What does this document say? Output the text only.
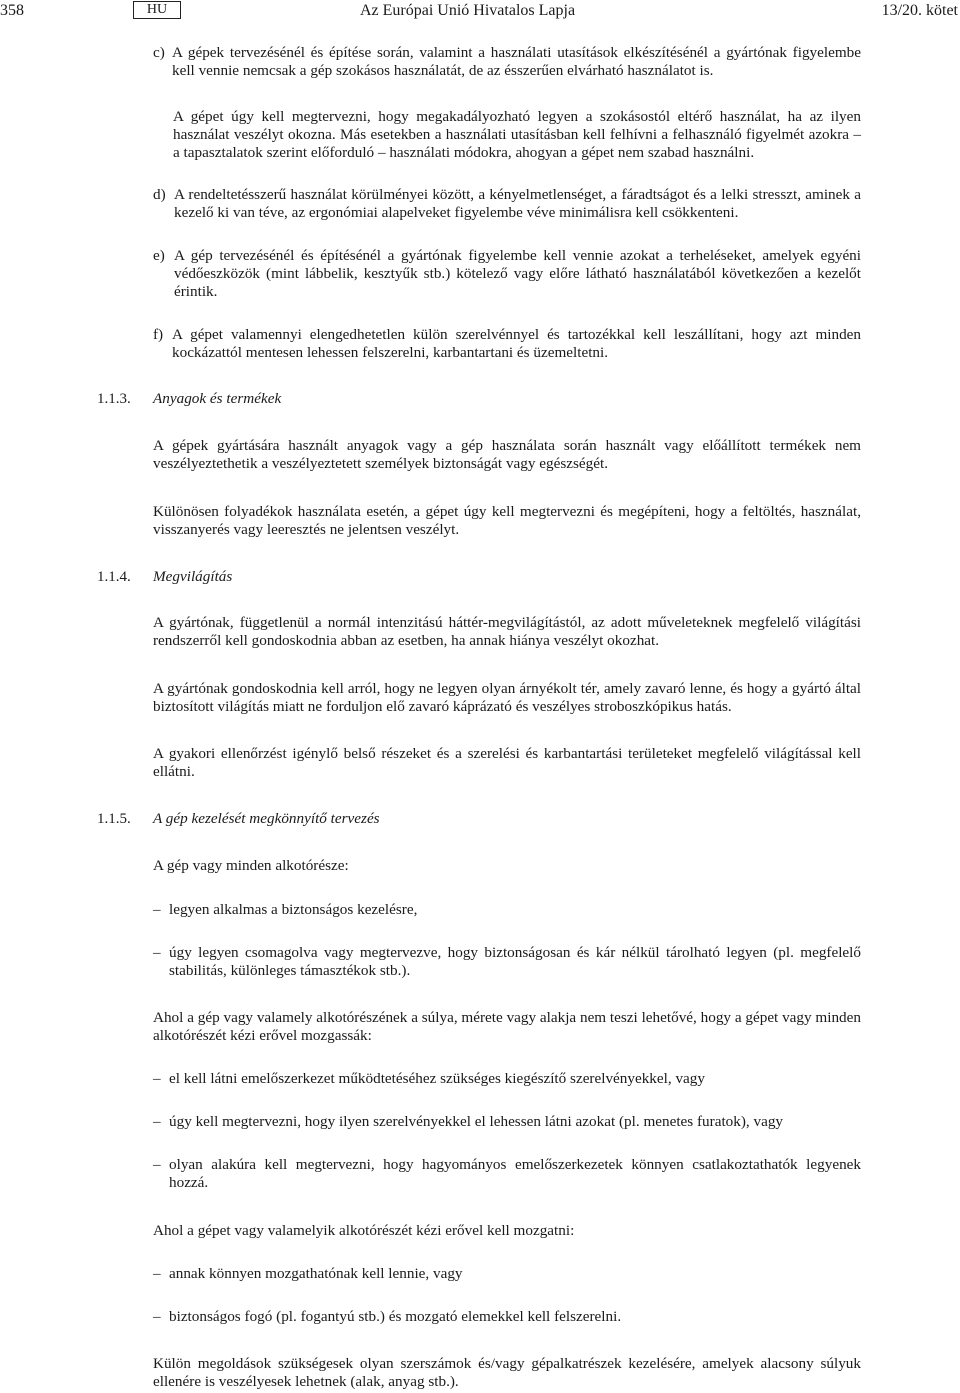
358	HU	Az Európai Unió Hivatalos Lapja	13/20. kötet
c) A gépek tervezésénél és építése során, valamint a használati utasítások elkészítésénél a gyártónak figyelembe kell vennie nemcsak a gép szokásos használatát, de az ésszerűen elvárható használatot is.
A gépet úgy kell megtervezni, hogy megakadályozható legyen a szokásostól eltérő használat, ha az ilyen használat veszélyt okozna. Más esetekben a használati utasításban kell felhívni a felhasználó figyelmét azokra – a tapasztalatok szerint előforduló – használati módokra, ahogyan a gépet nem szabad használni.
d) A rendeltetésszerű használat körülményei között, a kényelmetlenséget, a fáradtságot és a lelki stresszt, aminek a kezelő ki van téve, az ergonómiai alapelveket figyelembe véve minimálisra kell csökkenteni.
e) A gép tervezésénél és építésénél a gyártónak figyelembe kell vennie azokat a terheléseket, amelyek egyéni védőeszközök (mint lábbelik, kesztyűk stb.) kötelező vagy előre látható használatából következően a kezelőt érintik.
f) A gépet valamennyi elengedhetetlen külön szerelvénnyel és tartozékkal kell leszállítani, hogy azt minden kockázattól mentesen lehessen felszerelni, karbantartani és üzemeltetni.
1.1.3. Anyagok és termékek
A gépek gyártására használt anyagok vagy a gép használata során használt vagy előállított termékek nem veszélyeztethetik a veszélyeztetett személyek biztonságát vagy egészségét.
Különösen folyadékok használata esetén, a gépet úgy kell megtervezni és megépíteni, hogy a feltöltés, használat, visszanyerés vagy leeresztés ne jelentsen veszélyt.
1.1.4. Megvilágítás
A gyártónak, függetlenül a normál intenzitású háttér-megvilágítástól, az adott műveleteknek megfelelő világítási rendszerről kell gondoskodnia abban az esetben, ha annak hiánya veszélyt okozhat.
A gyártónak gondoskodnia kell arról, hogy ne legyen olyan árnyékolt tér, amely zavaró lenne, és hogy a gyártó által biztosított világítás miatt ne forduljon elő zavaró káprázató és veszélyes stroboszkópikus hatás.
A gyakori ellenőrzést igénylő belső részeket és a szerelési és karbantartási területeket megfelelő világítással kell ellátni.
1.1.5. A gép kezelését megkönnyítő tervezés
A gép vagy minden alkotórésze:
– legyen alkalmas a biztonságos kezelésre,
– úgy legyen csomagolva vagy megtervezve, hogy biztonságosan és kár nélkül tárolható legyen (pl. megfelelő stabilitás, különleges támasztékok stb.).
Ahol a gép vagy valamely alkotórészének a súlya, mérete vagy alakja nem teszi lehetővé, hogy a gépet vagy minden alkotórészét kézi erővel mozgassák:
– el kell látni emelőszerkezet működtetéséhez szükséges kiegészítő szerelvényekkel, vagy
– úgy kell megtervezni, hogy ilyen szerelvényekkel el lehessen látni azokat (pl. menetes furatok), vagy
– olyan alakúra kell megtervezni, hogy hagyományos emelőszerkezetek könnyen csatlakoztathatók legyenek hozzá.
Ahol a gépet vagy valamelyik alkotórészét kézi erővel kell mozgatni:
– annak könnyen mozgathatónak kell lennie, vagy
– biztonságos fogó (pl. fogantyú stb.) és mozgató elemekkel kell felszerelni.
Külön megoldások szükségesek olyan szerszámok és/vagy gépalkatrészek kezelésére, amelyek alacsony súlyuk ellenére is veszélyesek lehetnek (alak, anyag stb.).
